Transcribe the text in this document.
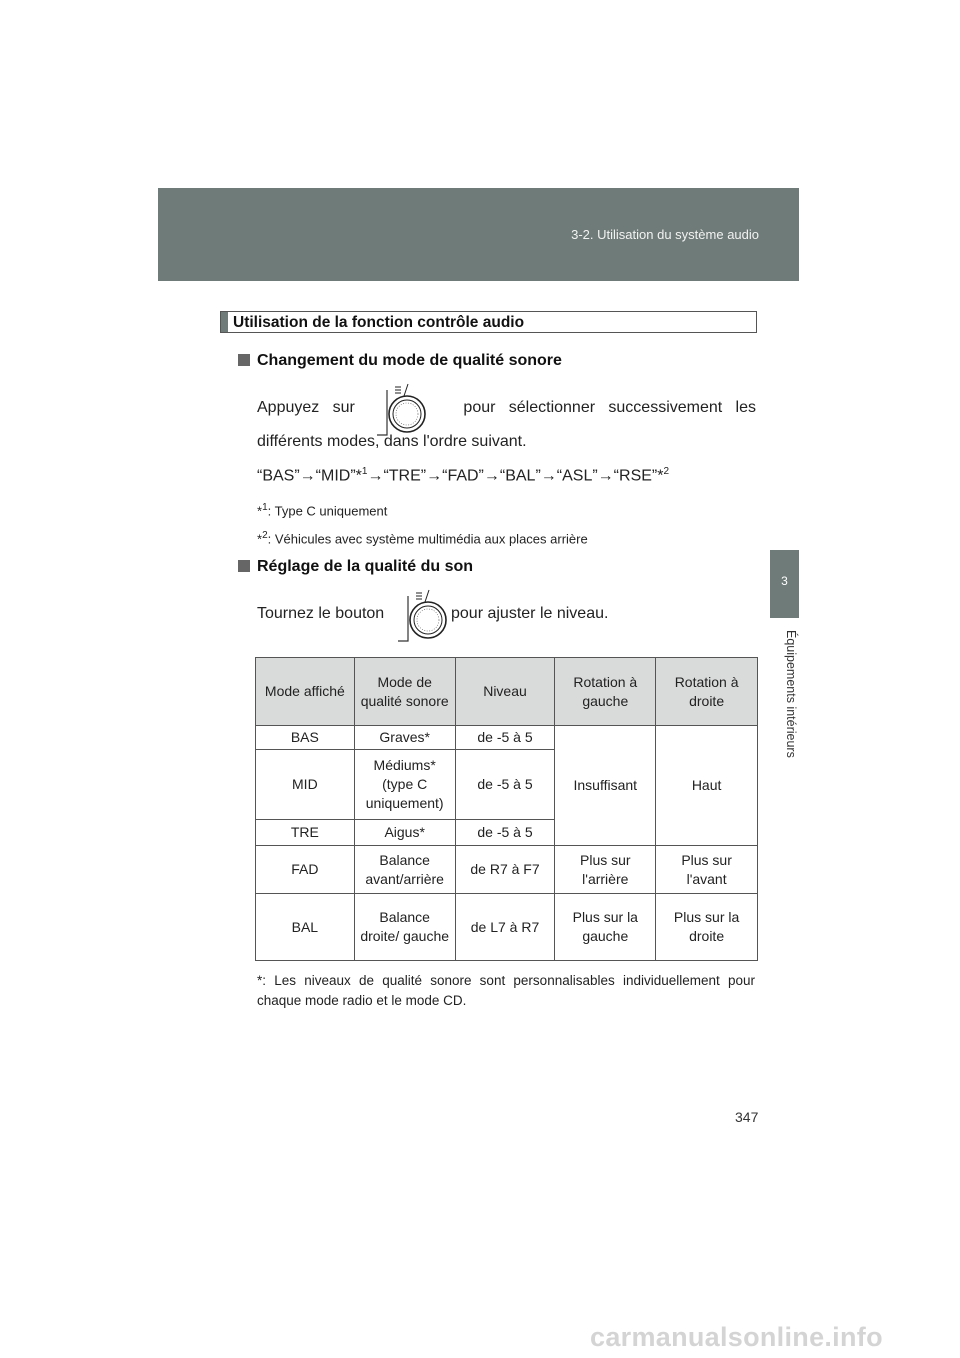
3-2. Utilisation du système audio
3
Équipements intérieurs
Utilisation de la fonction contrôle audio
Changement du mode de qualité sonore
Appuyez   sur	pour   sélectionner   successivement   les
différents modes, dans l'ordre suivant.
“BAS”→“MID”*$^1$→“TRE”→“FAD”→“BAL”→“ASL”→“RSE”*$^2$
*$^1$: Type C uniquement
*$^2$: Véhicules avec système multimédia aux places arrière
Réglage de la qualité du son
Tournez le bouton	pour ajuster le niveau.
Mode affiché	Mode de qualité sonore	Niveau	Rotation à gauche	Rotation à droite
BAS	Graves*	de -5 à 5	Insuffisant	Haut
MID	Médiums* (type C uniquement)	de -5 à 5		
TRE	Aigus*	de -5 à 5		
FAD	Balance avant/arrière	de R7 à F7	Plus sur l'arrière	Plus sur l'avant
BAL	Balance droite/ gauche	de L7 à R7	Plus sur la gauche	Plus sur la droite
*: Les niveaux de qualité sonore sont personnalisables individuellement pour chaque mode radio et le mode CD.
347
carmanualsonline.info
